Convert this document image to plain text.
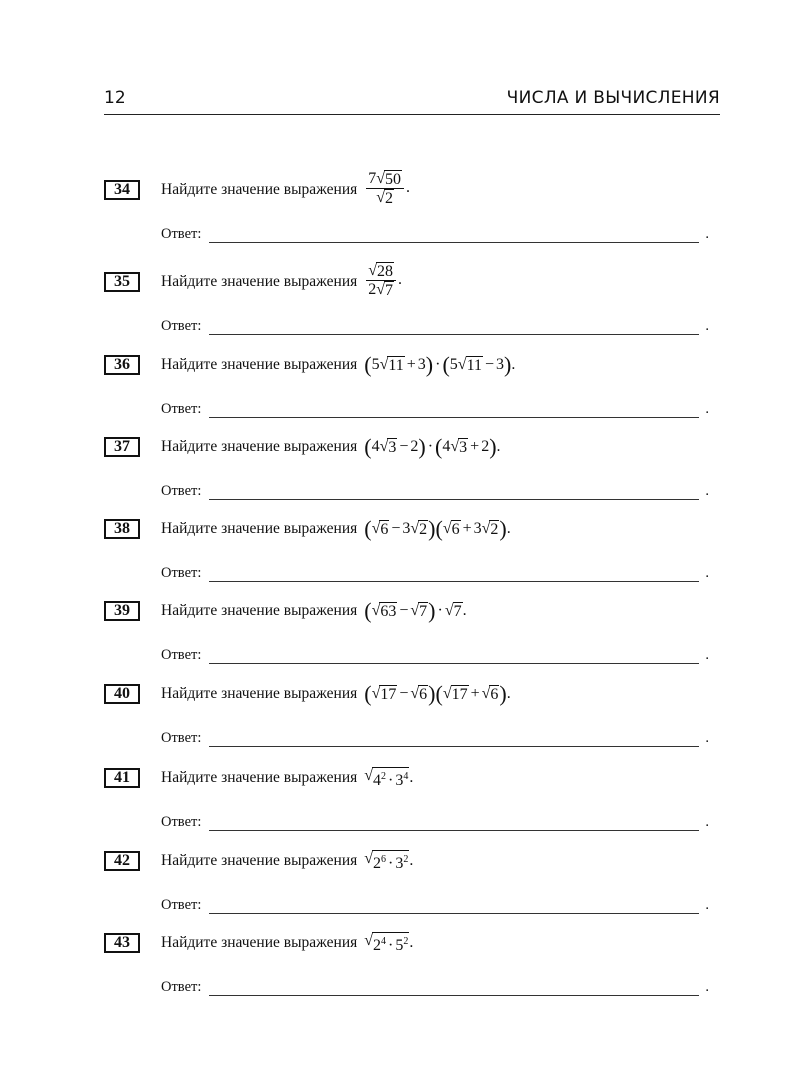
12	ЧИСЛА И ВЫЧИСЛЕНИЯ
34	Найдите значение выражения $\frac{7 √ 50}{√ 2}$ .
Ответ:	.
35	Найдите значение выражения $\frac{√ 28}{2 √ 7}$ .
Ответ:	.
36	Найдите значение выражения ( 5 √ 11 + 3 ) · ( 5 √ 11 − 3 ) .
Ответ:	.
37	Найдите значение выражения ( 4 √ 3 − 2 ) · ( 4 √ 3 + 2 ) .
Ответ:	.
38	Найдите значение выражения ( √ 6 − 3 √ 2 ) ( √ 6 + 3 √ 2 ) .
Ответ:	.
39	Найдите значение выражения ( √ 63 − √ 7 ) · √ 7 .
Ответ:	.
40	Найдите значение выражения ( √ 17 − √ 6 ) ( √ 17 + √ 6 ) .
Ответ:	.
41	Найдите значение выражения √ $4^2 \cdot 3^4$ .
Ответ:	.
42	Найдите значение выражения √ $2^6 \cdot 3^2$ .
Ответ:	.
43	Найдите значение выражения √ $2^4 \cdot 5^2$ .
Ответ:	.
